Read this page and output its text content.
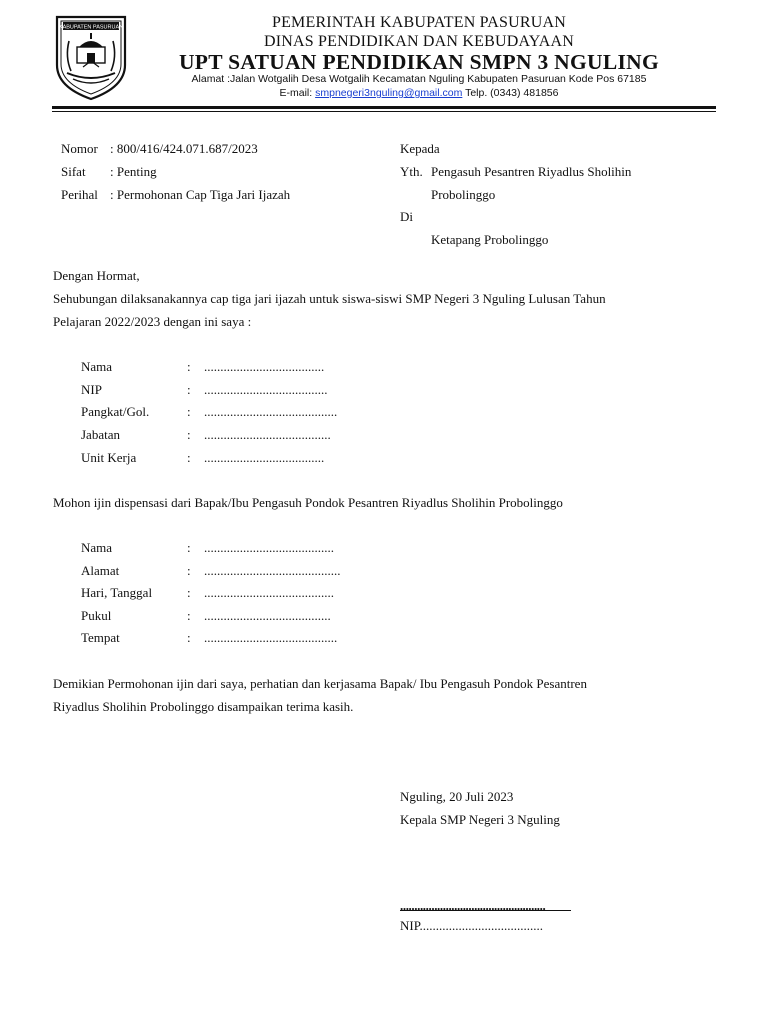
KABUPATEN PASURUAN	PEMERINTAH KABUPATEN PASURUAN
DINAS PENDIDIKAN DAN KEBUDAYAAN
UPT SATUAN PENDIDIKAN SMPN 3 NGULING
Alamat :Jalan Wotgalih Desa Wotgalih Kecamatan Nguling Kabupaten Pasuruan Kode Pos 67185
E-mail: smpnegeri3nguling@gmail.com Telp. (0343) 481856
Nomor : 800/416/424.071.687/2023
Sifat : Penting
Perihal : Permohonan Cap Tiga Jari Ijazah
Kepada
Yth. Pengasuh Pesantren Riyadlus Sholihin
Probolinggo
Di
Ketapang Probolinggo
Dengan Hormat,
Sehubungan dilaksanakannya cap tiga jari ijazah untuk siswa-siswi SMP Negeri 3 Nguling Lulusan Tahun
Pelajaran 2022/2023 dengan ini saya :
Nama	: .....................................
NIP	: ......................................
Pangkat/Gol.	: .........................................
Jabatan	: .......................................
Unit Kerja	: .....................................
Mohon ijin dispensasi dari Bapak/Ibu Pengasuh Pondok Pesantren Riyadlus Sholihin Probolinggo
Nama	: ........................................
Alamat	: ..........................................
Hari, Tanggal	: ........................................
Pukul	: .......................................
Tempat	: .........................................
Demikian Permohonan ijin dari saya, perhatian dan kerjasama Bapak/ Ibu Pengasuh Pondok Pesantren
Riyadlus Sholihin Probolinggo disampaikan terima kasih.
Nguling, 20 Juli 2023
Kepala SMP Negeri 3 Nguling
...................................................
NIP......................................
